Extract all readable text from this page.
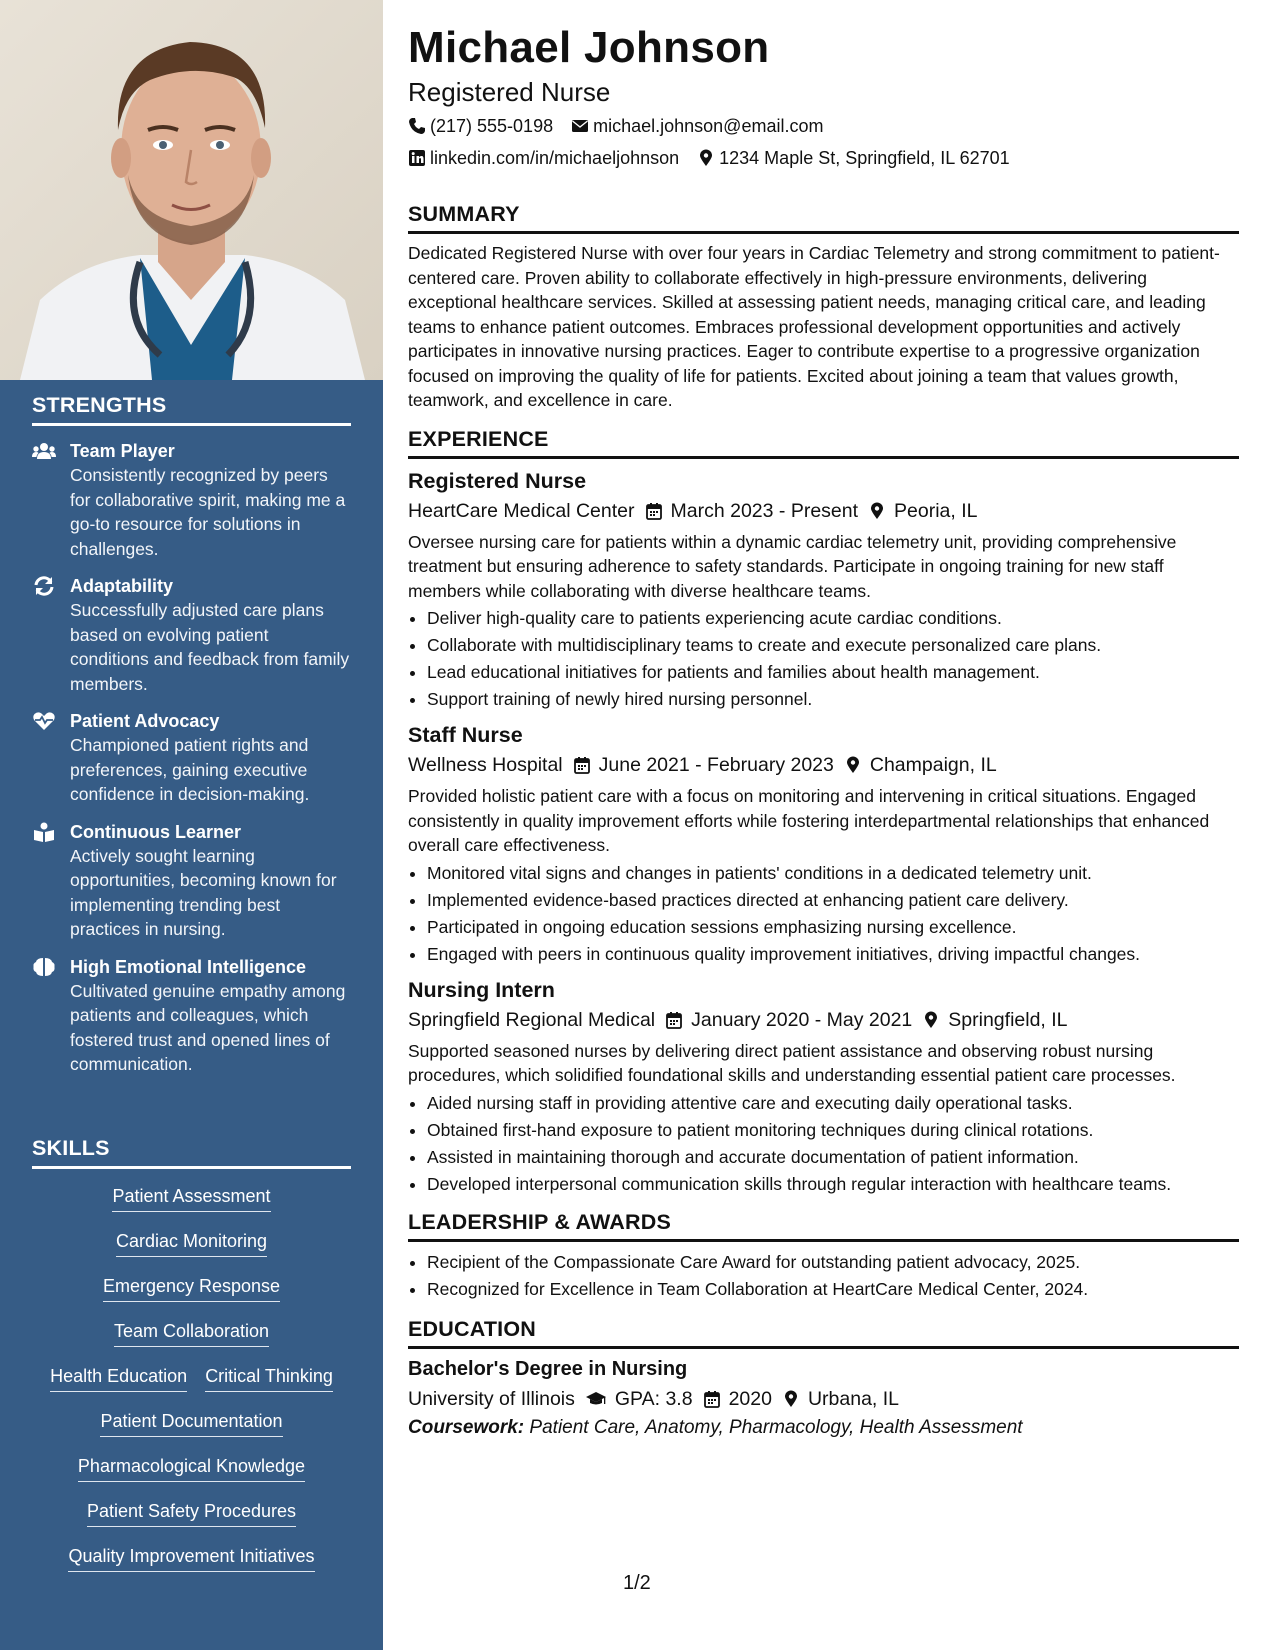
STRENGTHS
Team Player
Consistently recognized by peers for collaborative spirit, making me a go-to resource for solutions in challenges.
Adaptability
Successfully adjusted care plans based on evolving patient conditions and feedback from family members.
Patient Advocacy
Championed patient rights and preferences, gaining executive confidence in decision-making.
Continuous Learner
Actively sought learning opportunities, becoming known for implementing trending best practices in nursing.
High Emotional Intelligence
Cultivated genuine empathy among patients and colleagues, which fostered trust and opened lines of communication.
SKILLS
Patient Assessment
Cardiac Monitoring
Emergency Response
Team Collaboration
Health Education Critical Thinking
Patient Documentation
Pharmacological Knowledge
Patient Safety Procedures
Quality Improvement Initiatives
Michael Johnson
Registered Nurse
(217) 555-0198 michael.johnson@email.com
linkedin.com/in/michaeljohnson 1234 Maple St, Springfield, IL 62701
SUMMARY
Dedicated Registered Nurse with over four years in Cardiac Telemetry and strong commitment to patient-centered care. Proven ability to collaborate effectively in high-pressure environments, delivering exceptional healthcare services. Skilled at assessing patient needs, managing critical care, and leading teams to enhance patient outcomes. Embraces professional development opportunities and actively participates in innovative nursing practices. Eager to contribute expertise to a progressive organization focused on improving the quality of life for patients. Excited about joining a team that values growth, teamwork, and excellence in care.
EXPERIENCE
Registered Nurse
HeartCare Medical Center March 2023 - Present Peoria, IL
Oversee nursing care for patients within a dynamic cardiac telemetry unit, providing comprehensive treatment but ensuring adherence to safety standards. Participate in ongoing training for new staff members while collaborating with diverse healthcare teams.
• Deliver high-quality care to patients experiencing acute cardiac conditions.
• Collaborate with multidisciplinary teams to create and execute personalized care plans.
• Lead educational initiatives for patients and families about health management.
• Support training of newly hired nursing personnel.
Staff Nurse
Wellness Hospital June 2021 - February 2023 Champaign, IL
Provided holistic patient care with a focus on monitoring and intervening in critical situations. Engaged consistently in quality improvement efforts while fostering interdepartmental relationships that enhanced overall care effectiveness.
• Monitored vital signs and changes in patients' conditions in a dedicated telemetry unit.
• Implemented evidence-based practices directed at enhancing patient care delivery.
• Participated in ongoing education sessions emphasizing nursing excellence.
• Engaged with peers in continuous quality improvement initiatives, driving impactful changes.
Nursing Intern
Springfield Regional Medical January 2020 - May 2021 Springfield, IL
Supported seasoned nurses by delivering direct patient assistance and observing robust nursing procedures, which solidified foundational skills and understanding essential patient care processes.
• Aided nursing staff in providing attentive care and executing daily operational tasks.
• Obtained first-hand exposure to patient monitoring techniques during clinical rotations.
• Assisted in maintaining thorough and accurate documentation of patient information.
• Developed interpersonal communication skills through regular interaction with healthcare teams.
LEADERSHIP & AWARDS
• Recipient of the Compassionate Care Award for outstanding patient advocacy, 2025.
• Recognized for Excellence in Team Collaboration at HeartCare Medical Center, 2024.
EDUCATION
Bachelor's Degree in Nursing
University of Illinois GPA: 3.8 2020 Urbana, IL
Coursework: Patient Care, Anatomy, Pharmacology, Health Assessment
1/2
